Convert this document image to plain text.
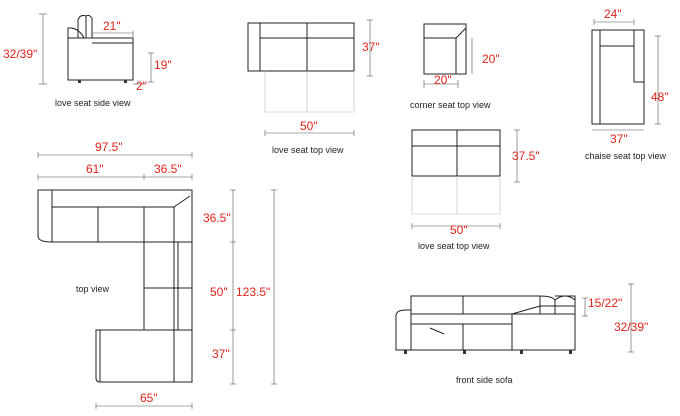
21"
32/39"
19"
2"
love seat side view
37"
50"
love seat top view
20"
20"
corner seat top view
24"
48"
37"
chaise seat top view
37.5"
50"
love seat top view
97.5"
61"	36.5"
36.5"
50" 123.5"
37"
65"
top view
15/22"
32/39"
front side sofa
